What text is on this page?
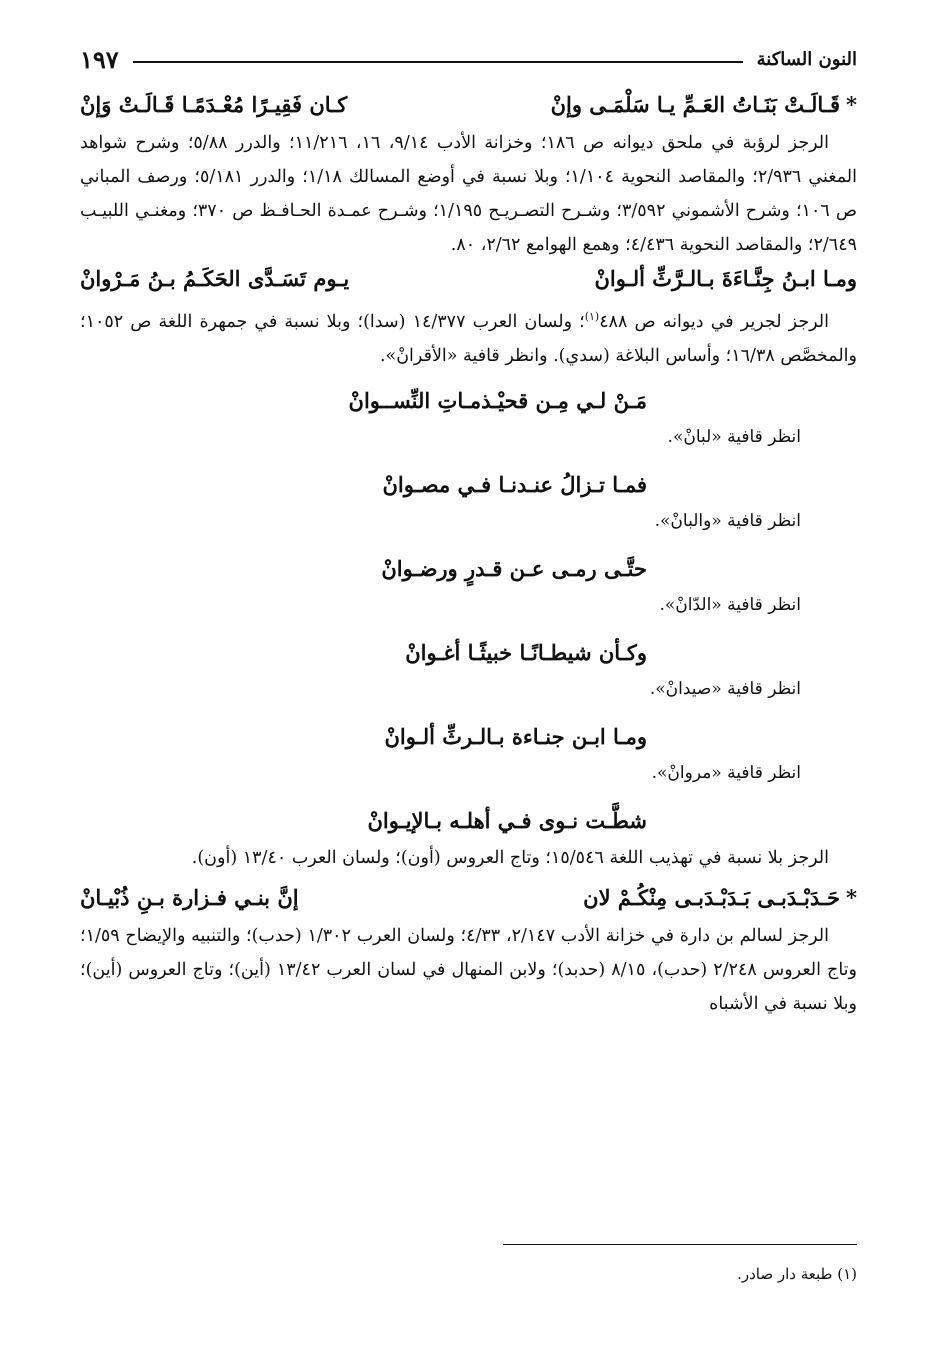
النون الساكنة
١٩٧
*
قَـالَـتْ بَنَـاتُ العَـمِّ يـا سَلْمَـى وإنْ
كـان فَقِيـرًا مُعْـدَمًـا قَـالَـتْ وَإنْ

الرجز لرؤبة في ملحق ديوانه ص ١٨٦؛ وخزانة الأدب ٩/١٤، ١٦، ١١/٢١٦؛ والدرر ٥/٨٨؛ وشرح شواهد المغني ٢/٩٣٦؛ والمقاصد النحوية ١/١٠٤؛ وبلا نسبة في أوضع المسالك ١/١٨؛ والدرر ٥/١٨١؛ ورصف المباني ص ١٠٦؛ وشرح الأشموني ٣/٥٩٢؛ وشـرح التصـريـح ١/١٩٥؛ وشـرح عمـدة الحـافـظ ص ٣٧٠؛ ومغنـي اللبيـب ٢/٦٤٩؛ والمقاصد النحوية ٤/٤٣٦؛ وهمع الهوامع ٢/٦٢، ٨٠.

ومـا ابـنُ جِنَّـاءَةَ بـالـرَّثِّ ألـوانْ
يـوم تَسَـدَّى الحَكَـمُ بـنُ مَـرْوانْ

الرجز لجرير في ديوانه ص ٤٨٨$^{(١)}$؛ ولسان العرب ١٤/٣٧٧ (سدا)؛ وبلا نسبة في جمهرة اللغة ص ١٠٥٢؛ والمخصَّص ١٦/٣٨؛ وأساس البلاغة (سدي). وانظر قافية «الأقرانْ».

مَـنْ لـي مِـن قحيْـذمـاتِ النِّســوانْ
انظر قافية «لبانْ».
فمـا تـزالُ عنـدنـا فـي مصـوانْ
انظر قافية «والبانْ».
حتَّـى رمـى عـن قـدرٍ ورضـوانْ
انظر قافية «الدّانْ».
وكـأن شيطـانًـا خبيثًـا أغـوانْ
انظر قافية «صيدانْ».
ومـا ابـن جنـاءة بـالـرثِّ ألـوانْ
انظر قافية «مروانْ».
شطَّـت نـوى فـي أهلـه بـالإيـوانْ

الرجز بلا نسبة في تهذيب اللغة ١٥/٥٤٦؛ وتاج العروس (أون)؛ ولسان العرب ١٣/٤٠ (أون).

*
حَـدَبْـدَبـى بَـدَبْـدَبـى مِنْكُـمْ لان
إنَّ بنـي فـزارة بـنِ ذُبْيـانْ

الرجز لسالم بن دارة في خزانة الأدب ٢/١٤٧، ٤/٣٣؛ ولسان العرب ١/٣٠٢ (حدب)؛ والتنبيه والإيضاح ١/٥٩؛ وتاج العروس ٢/٢٤٨ (حدب)، ٨/١٥ (حدبد)؛ ولابن المنهال في لسان العرب ١٣/٤٢ (أين)؛ وتاج العروس (أين)؛ وبلا نسبة في الأشباه

(١) طبعة دار صادر.
